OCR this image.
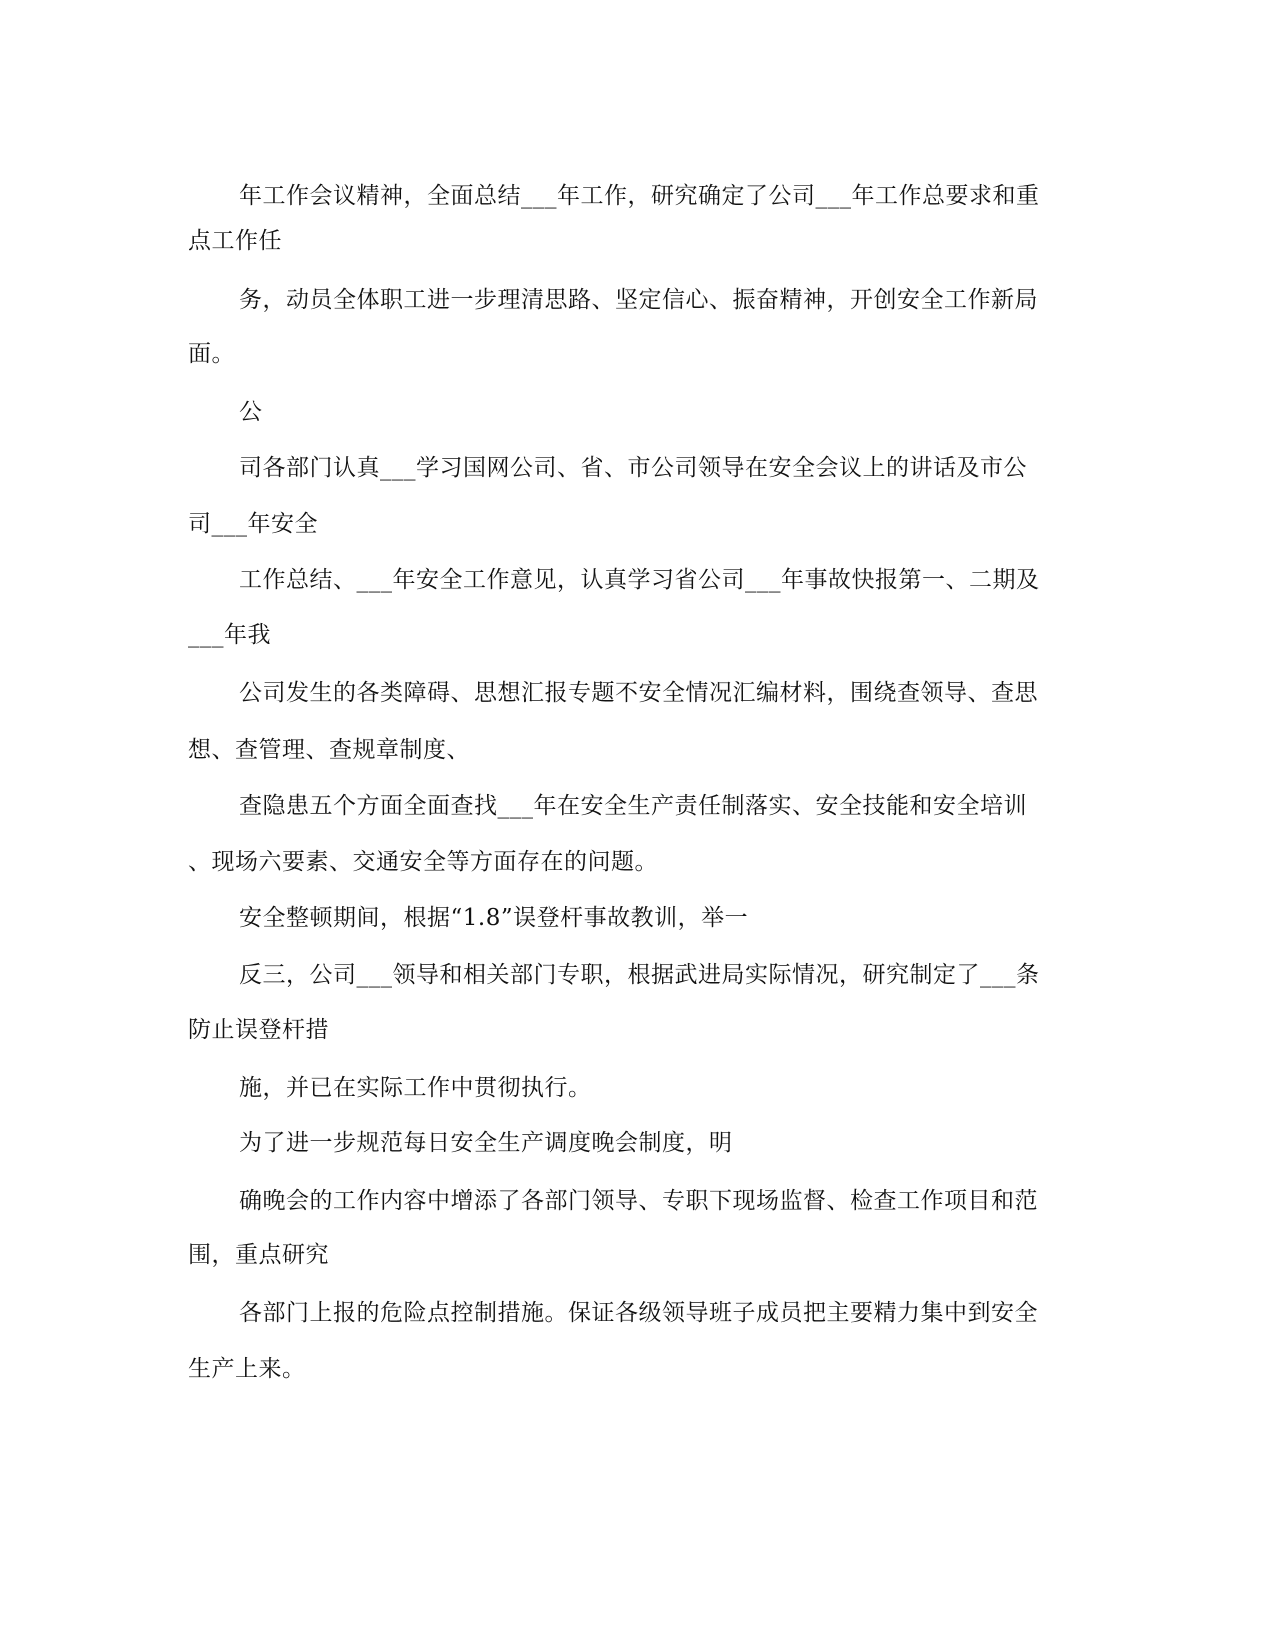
年工作会议精神，全面总结___年工作，研究确定了公司___年工作总要求和重
点工作任
务，动员全体职工进一步理清思路、坚定信心、振奋精神，开创安全工作新局
面。
公
司各部门认真___学习国网公司、省、市公司领导在安全会议上的讲话及市公
司___年安全
工作总结、___年安全工作意见，认真学习省公司___年事故快报第一、二期及
___年我
公司发生的各类障碍、思想汇报专题不安全情况汇编材料，围绕查领导、查思
想、查管理、查规章制度、
查隐患五个方面全面查找___年在安全生产责任制落实、安全技能和安全培训
、现场六要素、交通安全等方面存在的问题。
安全整顿期间，根据“1.8”误登杆事故教训，举一
反三，公司___领导和相关部门专职，根据武进局实际情况，研究制定了___条
防止误登杆措
施，并已在实际工作中贯彻执行。
为了进一步规范每日安全生产调度晚会制度，明
确晚会的工作内容中增添了各部门领导、专职下现场监督、检查工作项目和范
围，重点研究
各部门上报的危险点控制措施。保证各级领导班子成员把主要精力集中到安全
生产上来。
